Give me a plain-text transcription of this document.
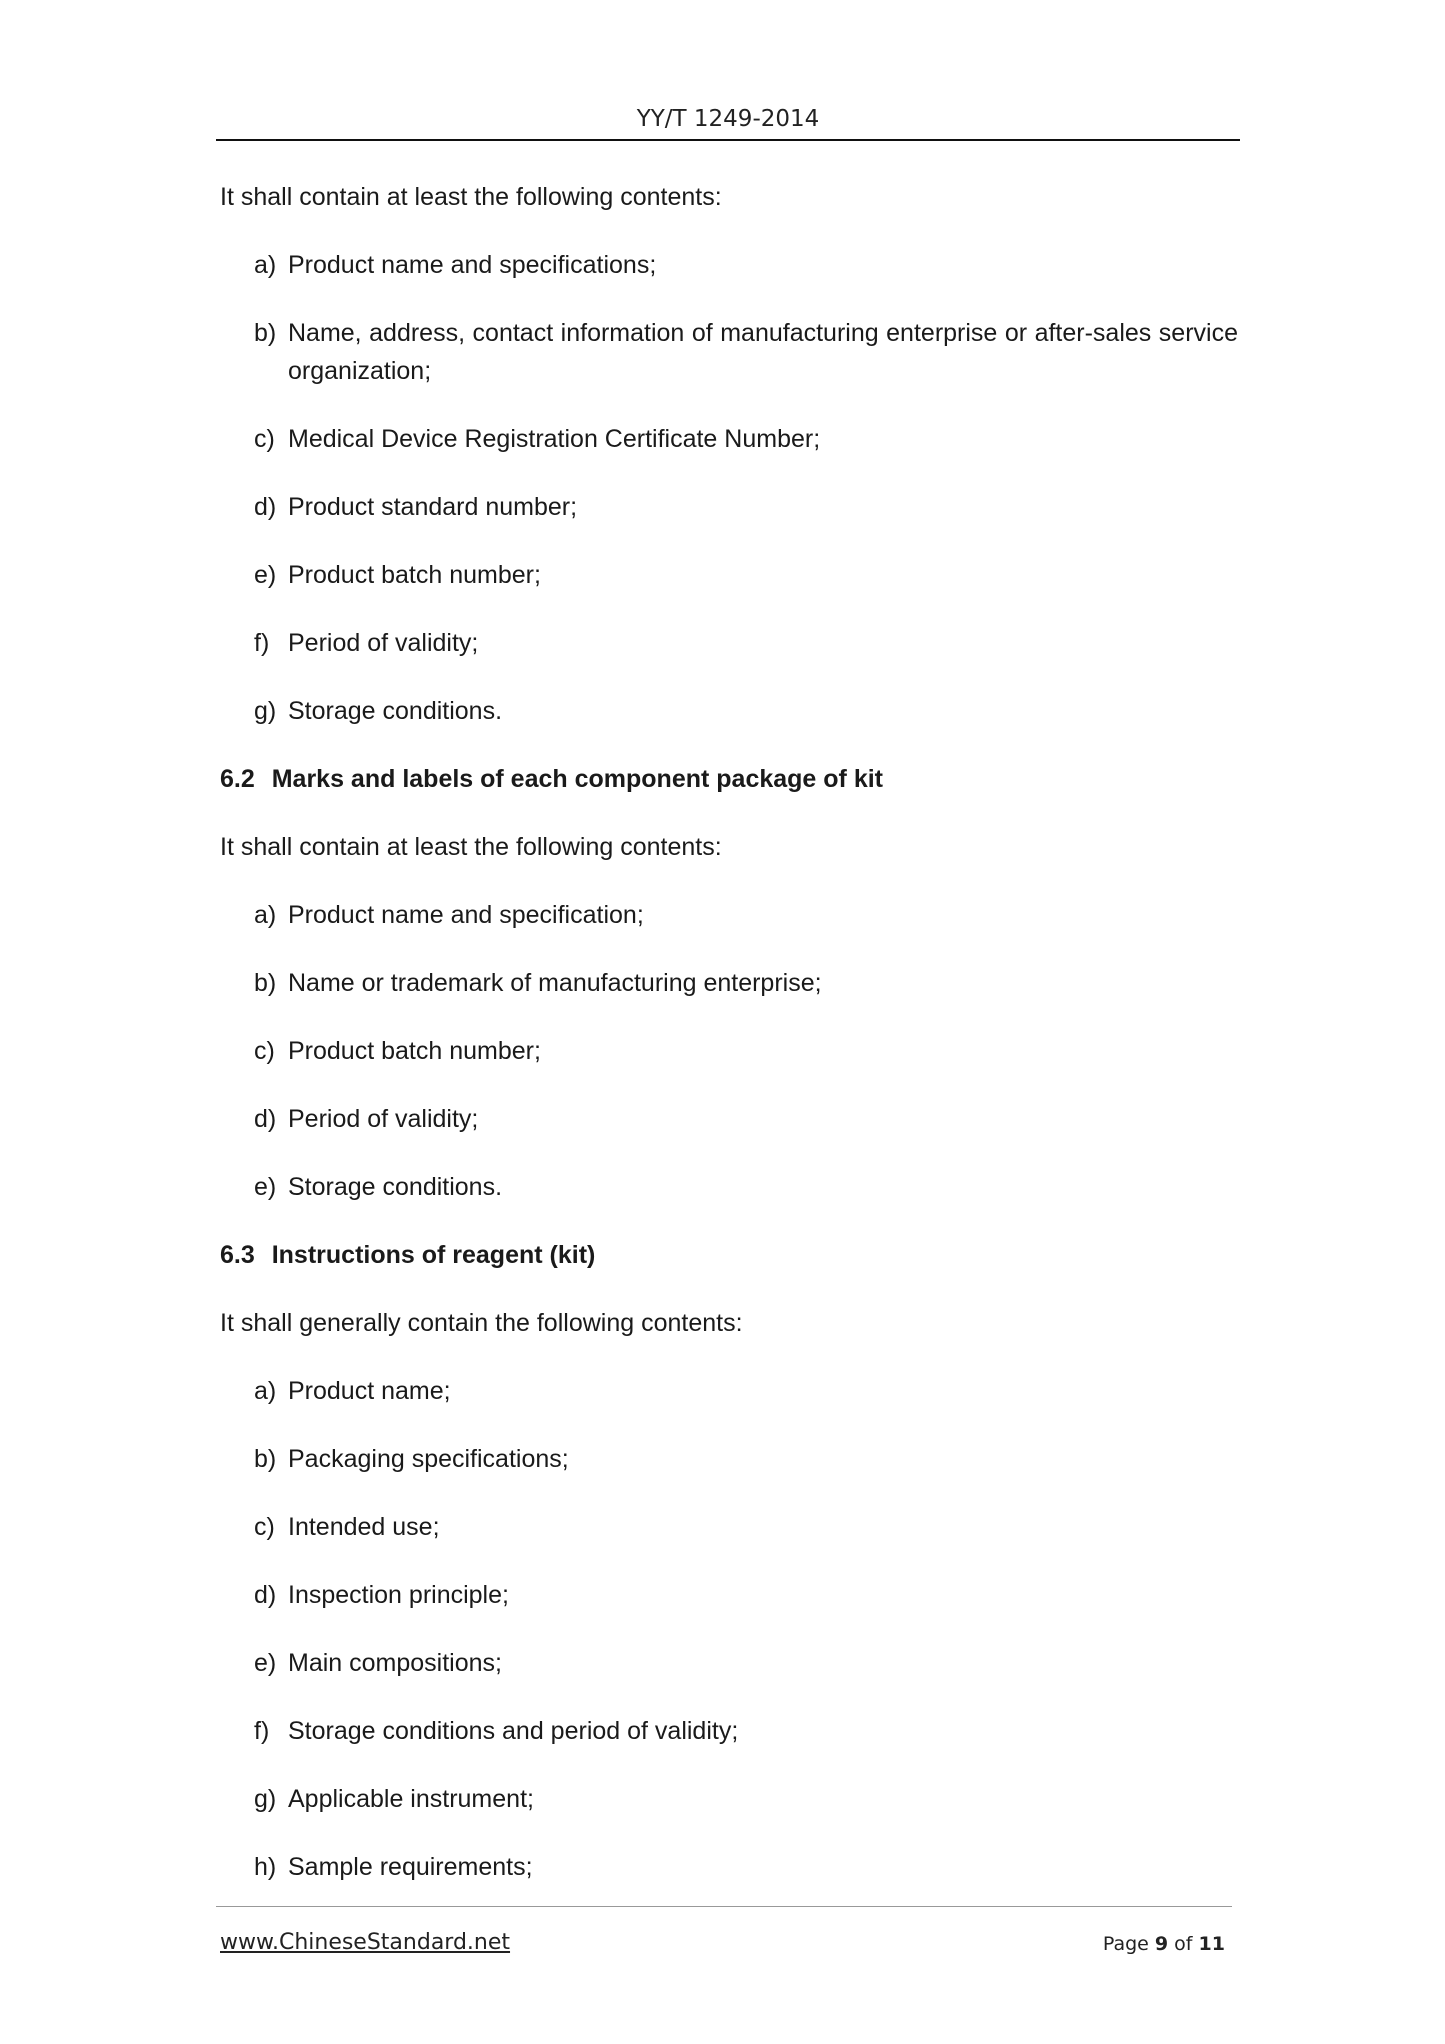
YY/T 1249-2014

It shall contain at least the following contents:

a) Product name and specifications;
b) Name, address, contact information of manufacturing enterprise or after-sales service organization;
c) Medical Device Registration Certificate Number;
d) Product standard number;
e) Product batch number;
f) Period of validity;
g) Storage conditions.
6.2 Marks and labels of each component package of kit

It shall contain at least the following contents:

a) Product name and specification;
b) Name or trademark of manufacturing enterprise;
c) Product batch number;
d) Period of validity;
e) Storage conditions.
6.3 Instructions of reagent (kit)

It shall generally contain the following contents:

a) Product name;
b) Packaging specifications;
c) Intended use;
d) Inspection principle;
e) Main compositions;
f) Storage conditions and period of validity;
g) Applicable instrument;
h) Sample requirements;
www.ChineseStandard.net	Page 9 of 11
